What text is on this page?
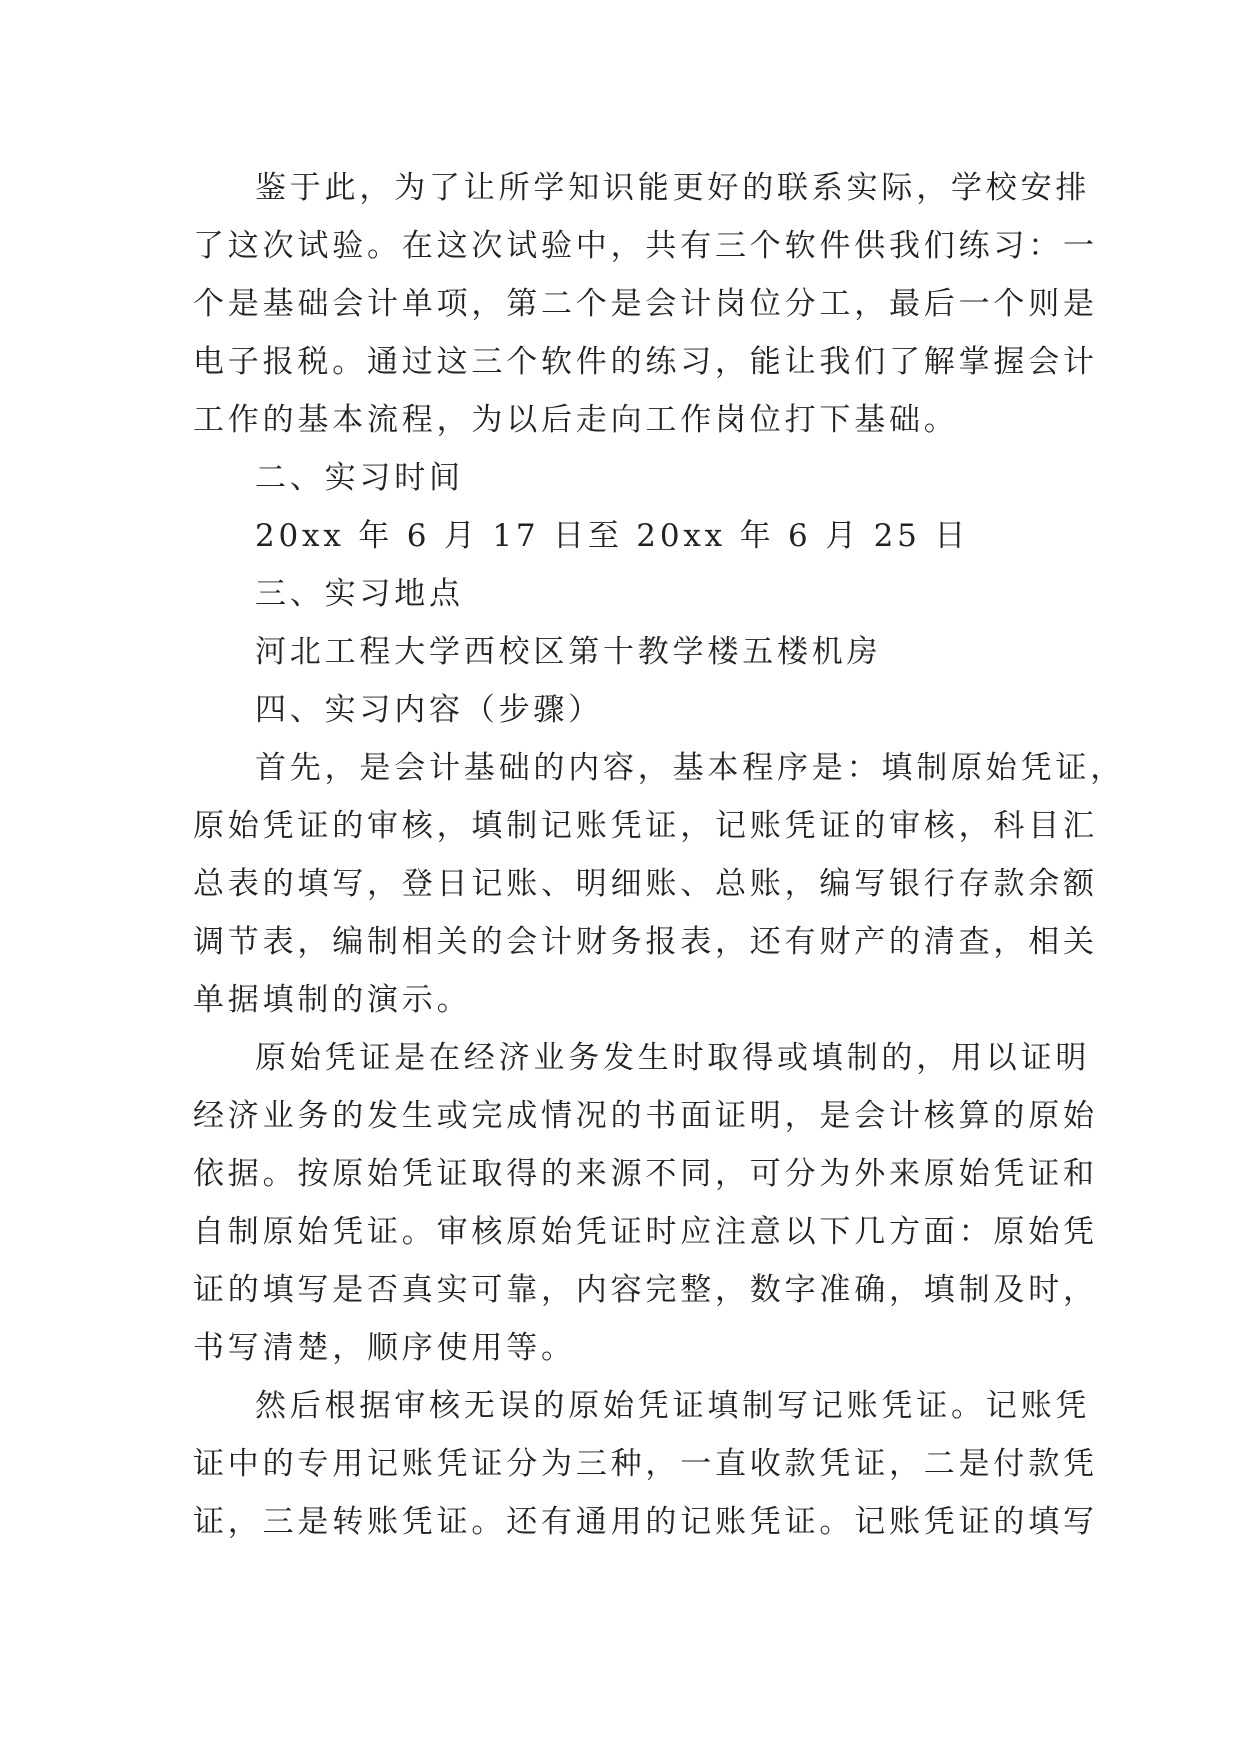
鉴于此，为了让所学知识能更好的联系实际，学校安排
了这次试验。在这次试验中，共有三个软件供我们练习：一
个是基础会计单项，第二个是会计岗位分工，最后一个则是
电子报税。通过这三个软件的练习，能让我们了解掌握会计
工作的基本流程，为以后走向工作岗位打下基础。
二、实习时间
20xx 年 6 月 17 日至 20xx 年 6 月 25 日
三、实习地点
河北工程大学西校区第十教学楼五楼机房
四、实习内容（步骤）
首先，是会计基础的内容，基本程序是：填制原始凭证，
原始凭证的审核，填制记账凭证，记账凭证的审核，科目汇
总表的填写，登日记账、明细账、总账，编写银行存款余额
调节表，编制相关的会计财务报表，还有财产的清查，相关
单据填制的演示。
原始凭证是在经济业务发生时取得或填制的，用以证明
经济业务的发生或完成情况的书面证明，是会计核算的原始
依据。按原始凭证取得的来源不同，可分为外来原始凭证和
自制原始凭证。审核原始凭证时应注意以下几方面：原始凭
证的填写是否真实可靠，内容完整，数字准确，填制及时，
书写清楚，顺序使用等。
然后根据审核无误的原始凭证填制写记账凭证。记账凭
证中的专用记账凭证分为三种，一直收款凭证，二是付款凭
证，三是转账凭证。还有通用的记账凭证。记账凭证的填写
